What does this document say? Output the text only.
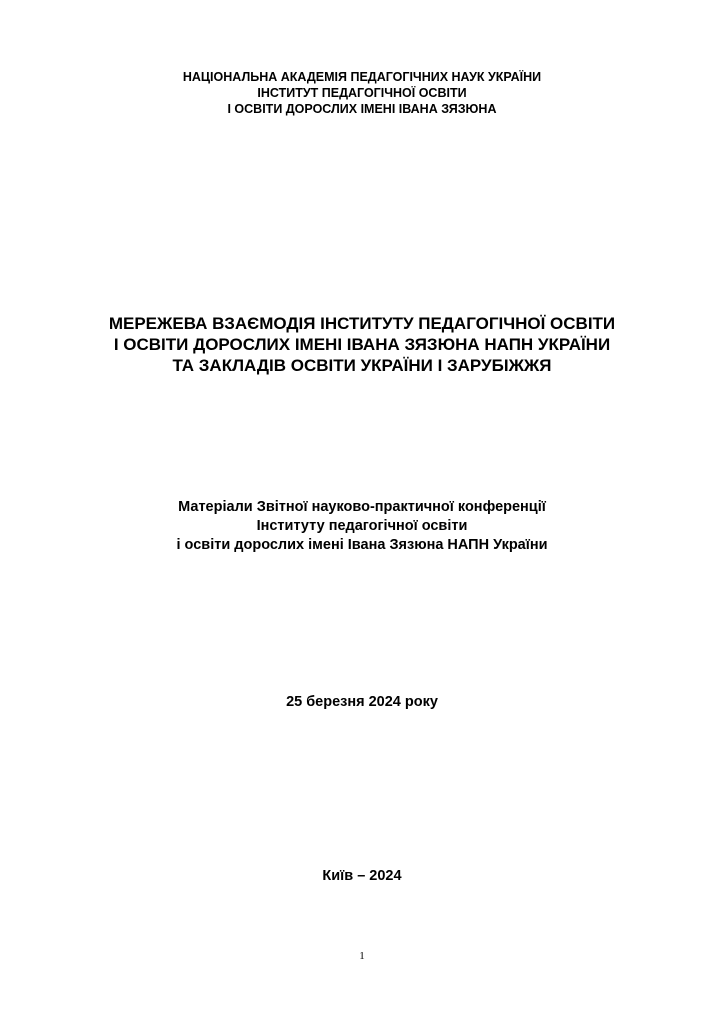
НАЦІОНАЛЬНА АКАДЕМІЯ ПЕДАГОГІЧНИХ НАУК УКРАЇНИ
ІНСТИТУТ ПЕДАГОГІЧНОЇ ОСВІТИ
І ОСВІТИ ДОРОСЛИХ ІМЕНІ ІВАНА ЗЯЗЮНА
МЕРЕЖЕВА ВЗАЄМОДІЯ ІНСТИТУТУ ПЕДАГОГІЧНОЇ ОСВІТИ
І ОСВІТИ ДОРОСЛИХ ІМЕНІ ІВАНА ЗЯЗЮНА НАПН УКРАЇНИ
ТА ЗАКЛАДІВ ОСВІТИ УКРАЇНИ І ЗАРУБІЖЖЯ
Матеріали Звітної науково-практичної конференції
Інституту педагогічної освіти
і освіти дорослих імені Івана Зязюна НАПН України
25 березня 2024 року
Київ – 2024
1
